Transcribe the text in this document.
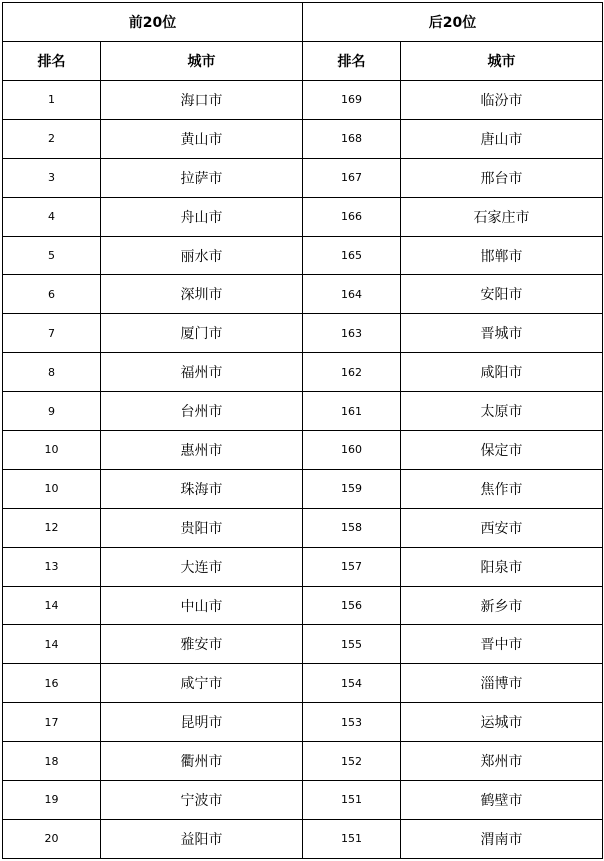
前20位		后20位	
排名	城市	排名	城市
1	海口市	169	临汾市
2	黄山市	168	唐山市
3	拉萨市	167	邢台市
4	舟山市	166	石家庄市
5	丽水市	165	邯郸市
6	深圳市	164	安阳市
7	厦门市	163	晋城市
8	福州市	162	咸阳市
9	台州市	161	太原市
10	惠州市	160	保定市
10	珠海市	159	焦作市
12	贵阳市	158	西安市
13	大连市	157	阳泉市
14	中山市	156	新乡市
14	雅安市	155	晋中市
16	咸宁市	154	淄博市
17	昆明市	153	运城市
18	衢州市	152	郑州市
19	宁波市	151	鹤壁市
20	益阳市	151	渭南市
